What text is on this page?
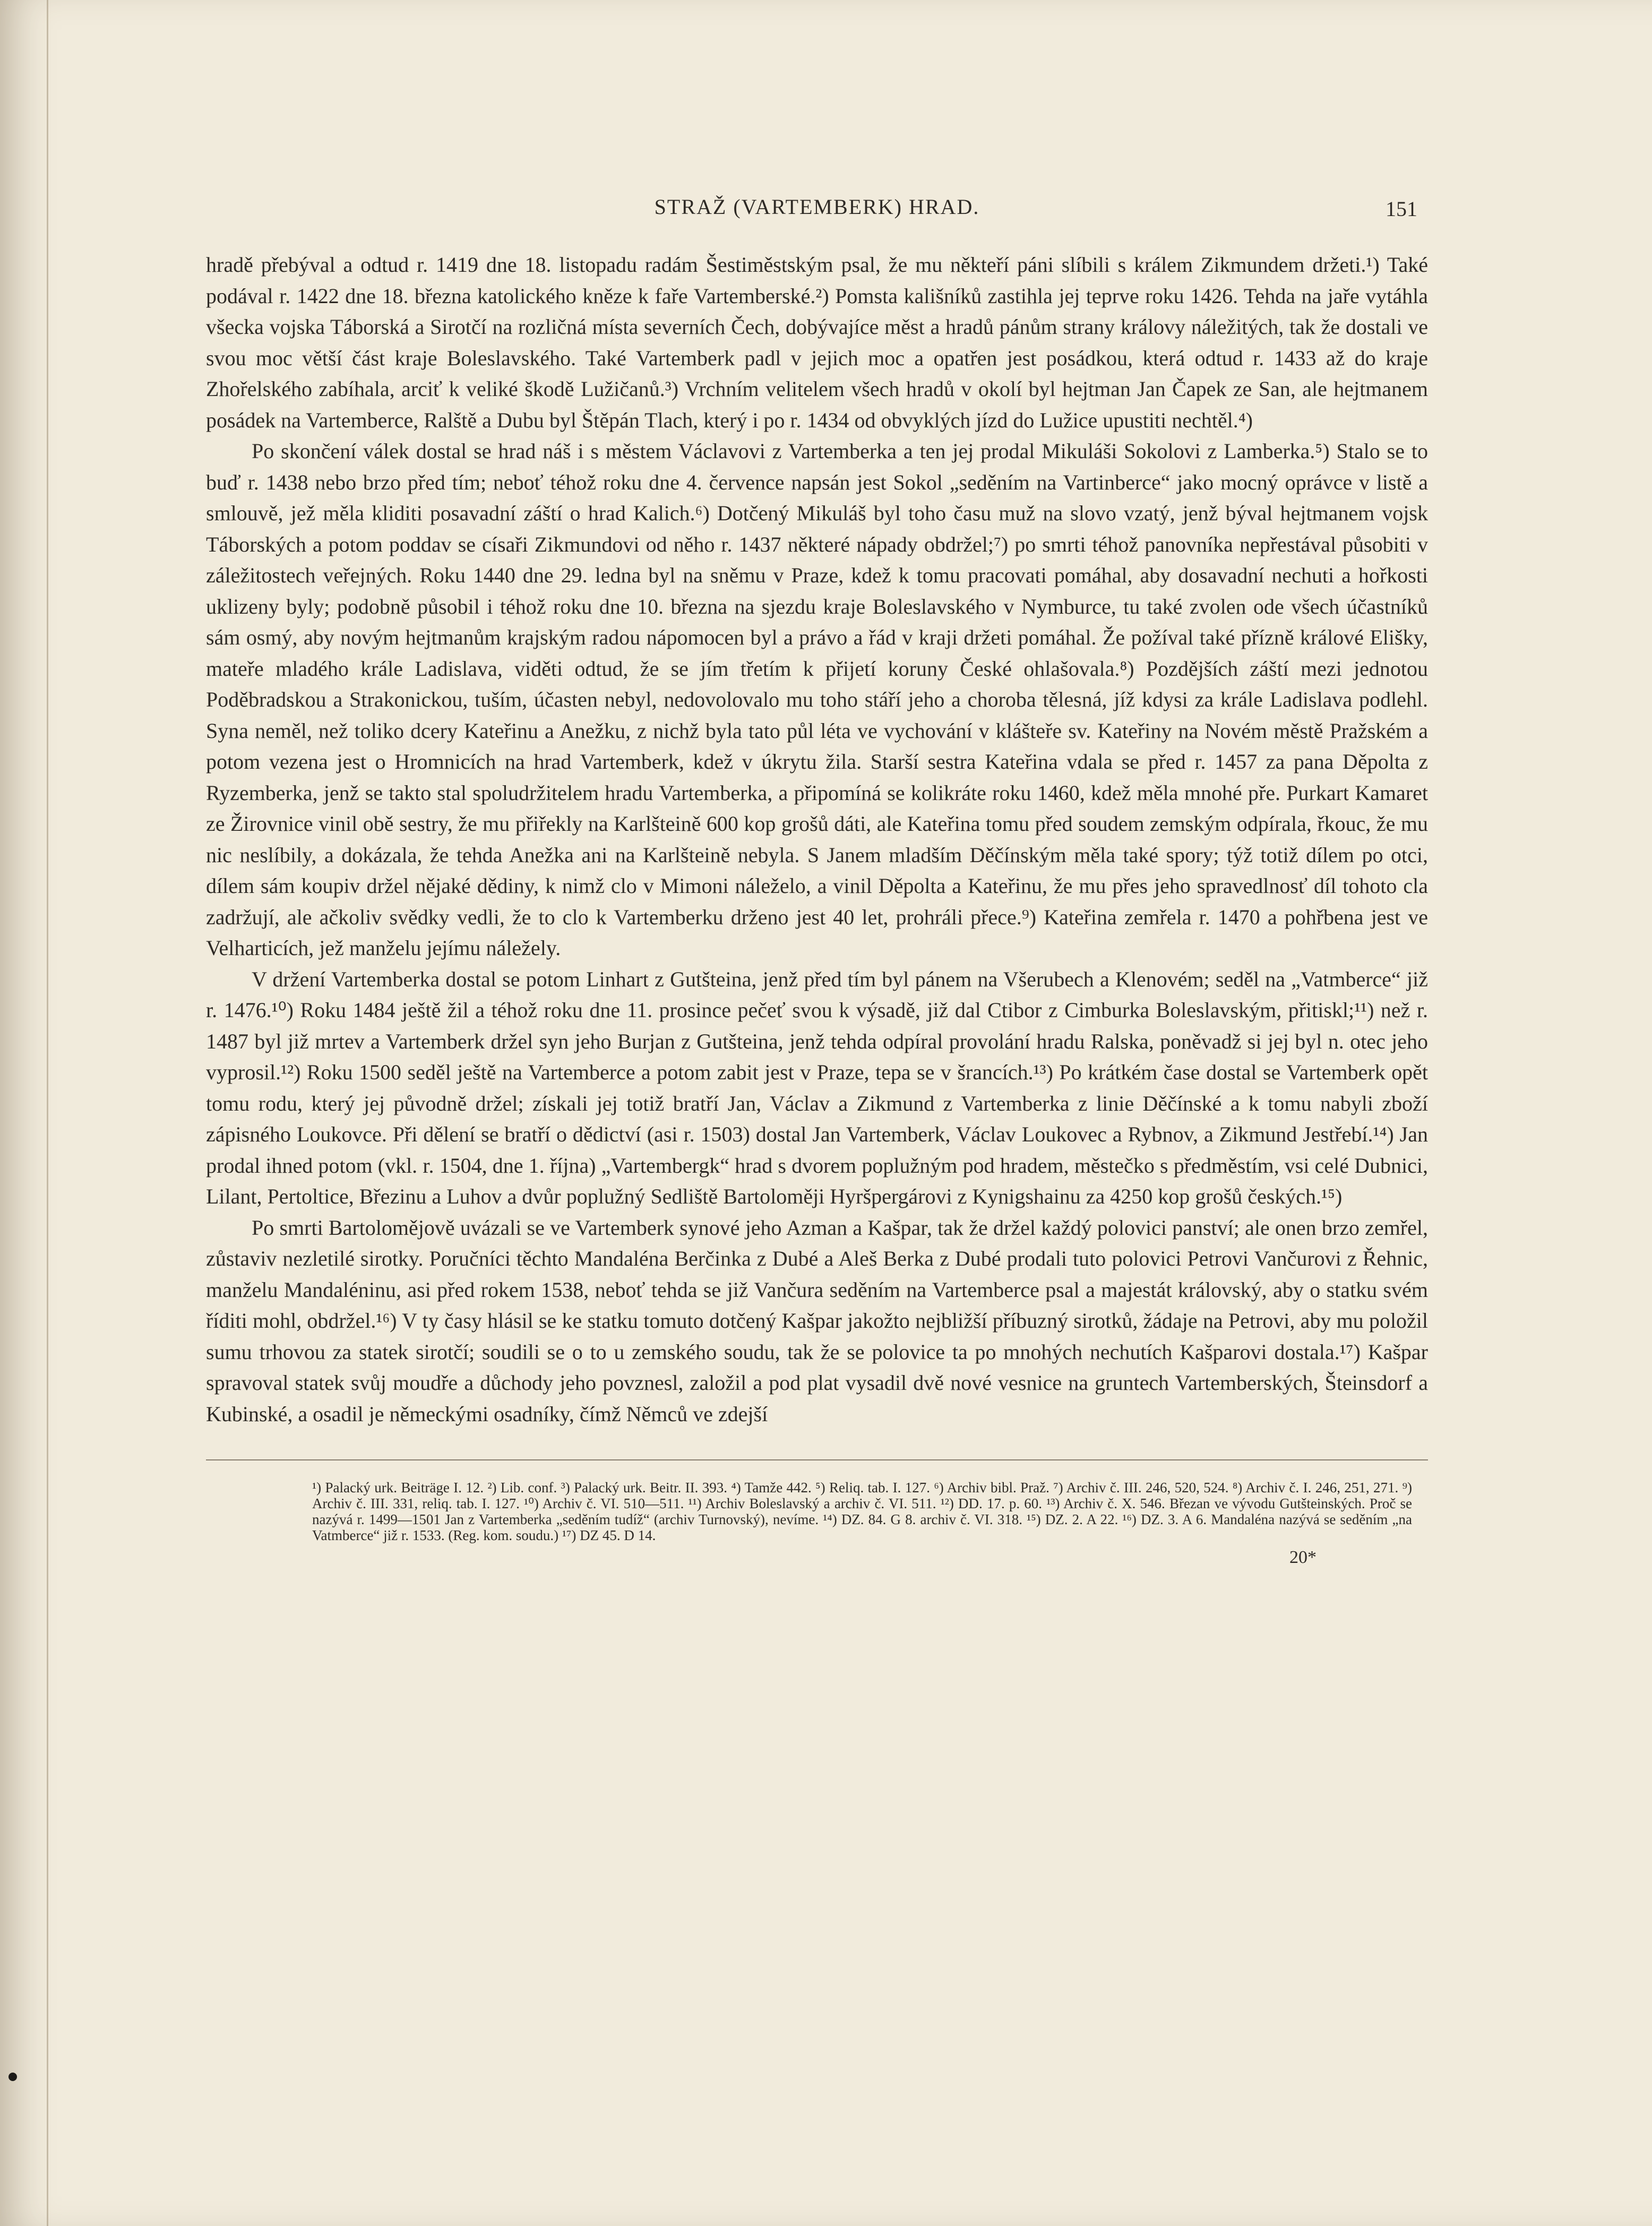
STRAŽ (VARTEMBERK) HRAD.	151

hradě přebýval a odtud r. 1419 dne 18. listopadu radám Šestiměstským psal, že mu někteří páni slíbili s králem Zikmundem držeti.¹) Také podával r. 1422 dne 18. března katolického kněze k faře Vartemberské.²) Pomsta kališníků zastihla jej teprve roku 1426. Tehda na jaře vytáhla všecka vojska Táborská a Sirotčí na rozličná místa severních Čech, dobývajíce měst a hradů pánům strany královy náležitých, tak že dostali ve svou moc větší část kraje Boleslavského. Také Vartemberk padl v jejich moc a opatřen jest posádkou, která odtud r. 1433 až do kraje Zhořelského zabíhala, arciť k veliké škodě Lužičanů.³) Vrchním velitelem všech hradů v okolí byl hejtman Jan Čapek ze San, ale hejtmanem posádek na Vartemberce, Ralště a Dubu byl Štěpán Tlach, který i po r. 1434 od obvyklých jízd do Lužice upustiti nechtěl.⁴)

Po skončení válek dostal se hrad náš i s městem Václavovi z Vartemberka a ten jej prodal Mikuláši Sokolovi z Lamberka.⁵) Stalo se to buď r. 1438 nebo brzo před tím; neboť téhož roku dne 4. července napsán jest Sokol „seděním na Vartinberce“ jako mocný oprávce v listě a smlouvě, jež měla kliditi posavadní záští o hrad Kalich.⁶) Dotčený Mikuláš byl toho času muž na slovo vzatý, jenž býval hejtmanem vojsk Táborských a potom poddav se císaři Zikmundovi od něho r. 1437 některé nápady obdržel;⁷) po smrti téhož panovníka nepřestával působiti v záležitostech veřejných. Roku 1440 dne 29. ledna byl na sněmu v Praze, kdež k tomu pracovati pomáhal, aby dosavadní nechuti a hořkosti uklizeny byly; podobně působil i téhož roku dne 10. března na sjezdu kraje Boleslavského v Nymburce, tu také zvolen ode všech účastníků sám osmý, aby novým hejtmanům krajským radou nápomocen byl a právo a řád v kraji držeti pomáhal. Že požíval také přízně králové Elišky, mateře mladého krále Ladislava, viděti odtud, že se jím třetím k přijetí koruny České ohlašovala.⁸) Pozdějších záští mezi jednotou Poděbradskou a Strakonickou, tuším, účasten nebyl, nedovolovalo mu toho stáří jeho a choroba tělesná, jíž kdysi za krále Ladislava podlehl. Syna neměl, než toliko dcery Kateřinu a Anežku, z nichž byla tato půl léta ve vychování v klášteře sv. Kateřiny na Novém městě Pražském a potom vezena jest o Hromnicích na hrad Vartemberk, kdež v úkrytu žila. Starší sestra Kateřina vdala se před r. 1457 za pana Děpolta z Ryzemberka, jenž se takto stal spoludržitelem hradu Vartemberka, a připomíná se kolikráte roku 1460, kdež měla mnohé pře. Purkart Kamaret ze Žirovnice vinil obě sestry, že mu přiřekly na Karlšteině 600 kop grošů dáti, ale Kateřina tomu před soudem zemským odpírala, řkouc, že mu nic neslíbily, a dokázala, že tehda Anežka ani na Karlšteině nebyla. S Janem mladším Děčínským měla také spory; týž totiž dílem po otci, dílem sám koupiv držel nějaké dědiny, k nimž clo v Mimoni náleželo, a vinil Děpolta a Kateřinu, že mu přes jeho spravedlnosť díl tohoto cla zadržují, ale ačkoliv svědky vedli, že to clo k Vartemberku drženo jest 40 let, prohráli přece.⁹) Kateřina zemřela r. 1470 a pohřbena jest ve Velharticích, jež manželu jejímu náležely.

V držení Vartemberka dostal se potom Linhart z Gutšteina, jenž před tím byl pánem na Všerubech a Klenovém; seděl na „Vatmberce“ již r. 1476.¹⁰) Roku 1484 ještě žil a téhož roku dne 11. prosince pečeť svou k výsadě, již dal Ctibor z Cimburka Boleslavským, přitiskl;¹¹) než r. 1487 byl již mrtev a Vartemberk držel syn jeho Burjan z Gutšteina, jenž tehda odpíral provolání hradu Ralska, poněvadž si jej byl n. otec jeho vyprosil.¹²) Roku 1500 seděl ještě na Vartemberce a potom zabit jest v Praze, tepa se v šrancích.¹³) Po krátkém čase dostal se Vartemberk opět tomu rodu, který jej původně držel; získali jej totiž bratří Jan, Václav a Zikmund z Vartemberka z linie Děčínské a k tomu nabyli zboží zápisného Loukovce. Při dělení se bratří o dědictví (asi r. 1503) dostal Jan Vartemberk, Václav Loukovec a Rybnov, a Zikmund Jestřebí.¹⁴) Jan prodal ihned potom (vkl. r. 1504, dne 1. října) „Vartembergk“ hrad s dvorem poplužným pod hradem, městečko s předměstím, vsi celé Dubnici, Lilant, Pertoltice, Březinu a Luhov a dvůr poplužný Sedliště Bartoloměji Hyršpergárovi z Kynigshainu za 4250 kop grošů českých.¹⁵)

Po smrti Bartolomějově uvázali se ve Vartemberk synové jeho Azman a Kašpar, tak že držel každý polovici panství; ale onen brzo zemřel, zůstaviv nezletilé sirotky. Poručníci těchto Mandaléna Berčinka z Dubé a Aleš Berka z Dubé prodali tuto polovici Petrovi Vančurovi z Řehnic, manželu Mandaléninu, asi před rokem 1538, neboť tehda se již Vančura seděním na Vartemberce psal a majestát královský, aby o statku svém říditi mohl, obdržel.¹⁶) V ty časy hlásil se ke statku tomuto dotčený Kašpar jakožto nejbližší příbuzný sirotků, žádaje na Petrovi, aby mu položil sumu trhovou za statek sirotčí; soudili se o to u zemského soudu, tak že se polovice ta po mnohých nechutích Kašparovi dostala.¹⁷) Kašpar spravoval statek svůj moudře a důchody jeho povznesl, založil a pod plat vysadil dvě nové vesnice na gruntech Vartemberských, Šteinsdorf a Kubinské, a osadil je německými osadníky, čímž Němců ve zdejší

¹) Palacký urk. Beiträge I. 12. ²) Lib. conf. ³) Palacký urk. Beitr. II. 393. ⁴) Tamže 442. ⁵) Reliq. tab. I. 127. ⁶) Archiv bibl. Praž. ⁷) Archiv č. III. 246, 520, 524. ⁸) Archiv č. I. 246, 251, 271. ⁹) Archiv č. III. 331, reliq. tab. I. 127. ¹⁰) Archiv č. VI. 510—511. ¹¹) Archiv Boleslavský a archiv č. VI. 511. ¹²) DD. 17. p. 60. ¹³) Archiv č. X. 546. Březan ve vývodu Gutšteinských. Proč se nazývá r. 1499—1501 Jan z Vartemberka „seděním tudíž“ (archiv Turnovský), nevíme. ¹⁴) DZ. 84. G 8. archiv č. VI. 318. ¹⁵) DZ. 2. A 22. ¹⁶) DZ. 3. A 6. Mandaléna nazývá se seděním „na Vatmberce“ již r. 1533. (Reg. kom. soudu.) ¹⁷) DZ 45. D 14.
20*
